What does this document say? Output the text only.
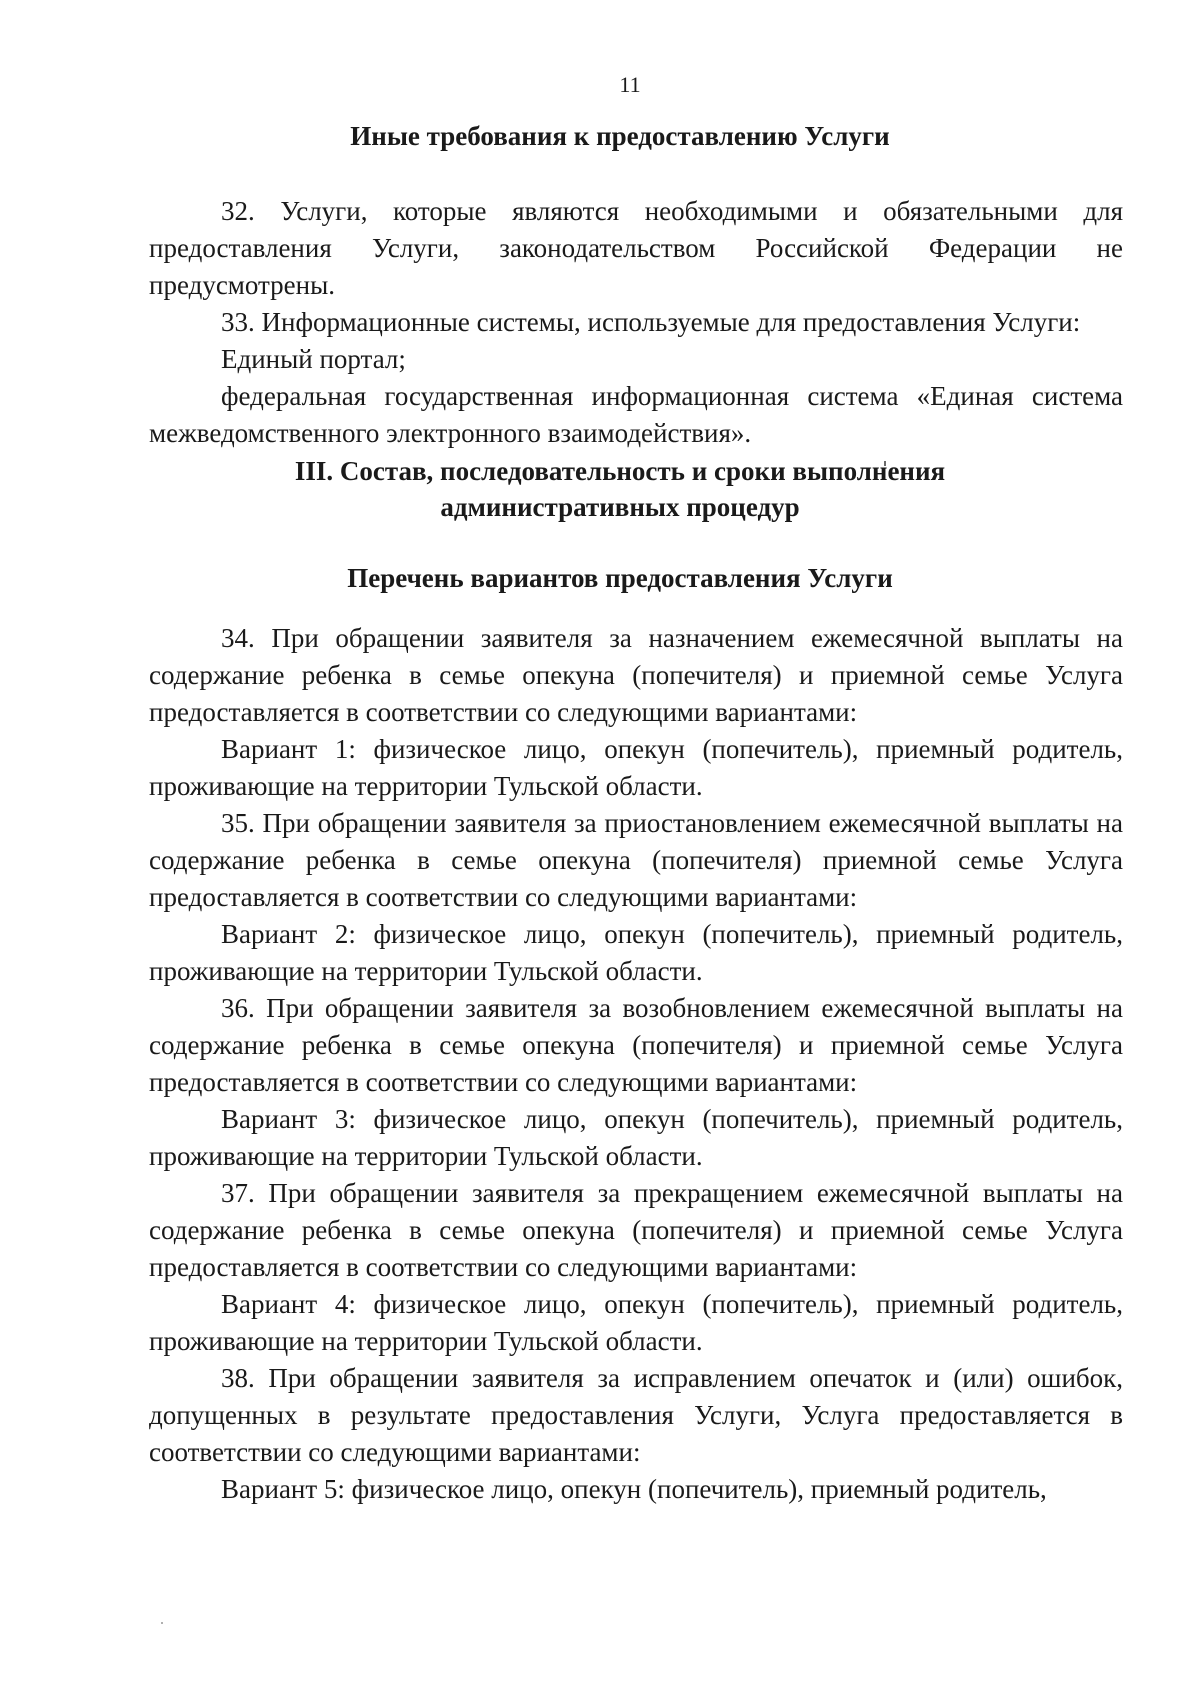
11
Иные требования к предоставлению Услуги

32. Услуги, которые являются необходимыми и обязательными для предоставления Услуги, законодательством Российской Федерации не предусмотрены.

33. Информационные системы, используемые для предоставления Услуги:

Единый портал;

федеральная государственная информационная система «Единая система межведомственного электронного взаимодействия».

III. Состав, последовательность и сроки выполнения
административных процедур
Перечень вариантов предоставления Услуги

34. При обращении заявителя за назначением ежемесячной выплаты на содержание ребенка в семье опекуна (попечителя) и приемной семье Услуга предоставляется в соответствии со следующими вариантами:

Вариант 1: физическое лицо, опекун (попечитель), приемный родитель, проживающие на территории Тульской области.

35. При обращении заявителя за приостановлением ежемесячной выплаты на содержание ребенка в семье опекуна (попечителя) приемной семье Услуга предоставляется в соответствии со следующими вариантами:

Вариант 2: физическое лицо, опекун (попечитель), приемный родитель, проживающие на территории Тульской области.

36. При обращении заявителя за возобновлением ежемесячной выплаты на содержание ребенка в семье опекуна (попечителя) и приемной семье Услуга предоставляется в соответствии со следующими вариантами:

Вариант 3: физическое лицо, опекун (попечитель), приемный родитель, проживающие на территории Тульской области.

37. При обращении заявителя за прекращением ежемесячной выплаты на содержание ребенка в семье опекуна (попечителя) и приемной семье Услуга предоставляется в соответствии со следующими вариантами:

Вариант 4: физическое лицо, опекун (попечитель), приемный родитель, проживающие на территории Тульской области.

38. При обращении заявителя за исправлением опечаток и (или) ошибок, допущенных в результате предоставления Услуги, Услуга предоставляется в соответствии со следующими вариантами:

Вариант 5: физическое лицо, опекун (попечитель), приемный родитель,
